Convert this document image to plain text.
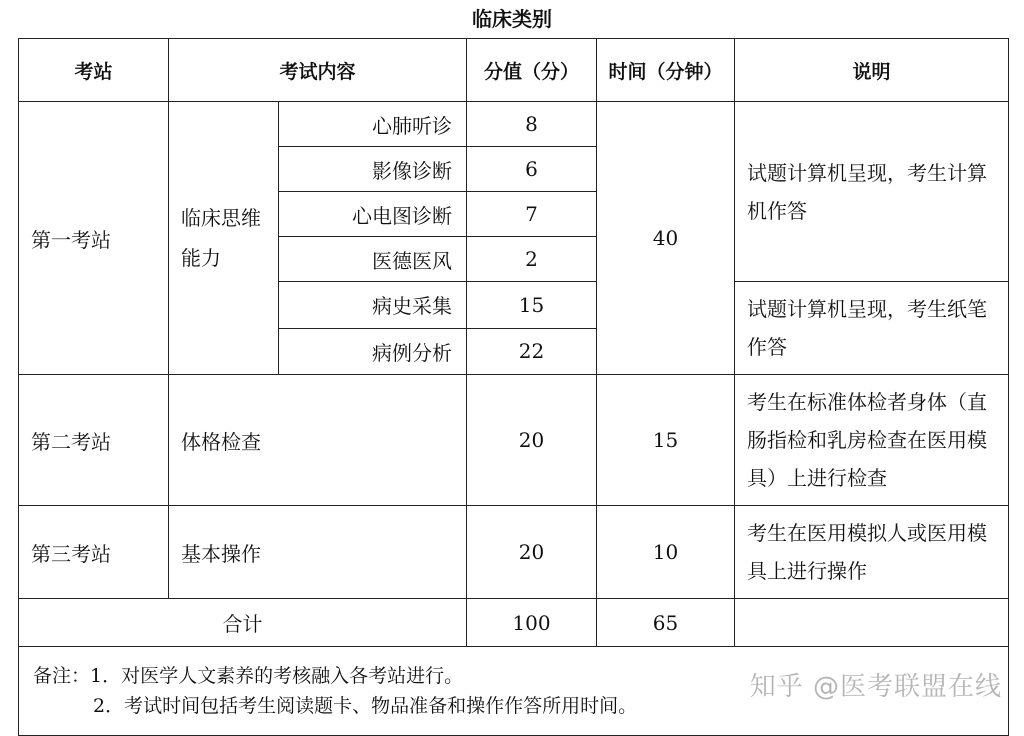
临床类别
考站	考试内容		分值（分）	时间（分钟）	说明
第一考站	临床思维能力	心肺听诊	8	40	试题计算机呈现，考生计算机作答
		影像诊断	6		
		心电图诊断	7		
		医德医风	2		
		病史采集	15		试题计算机呈现，考生纸笔作答
		病例分析	22		
第二考站	体格检查		20	15	考生在标准体检者身体（直肠指检和乳房检查在医用模具）上进行检查
第三考站	基本操作		20	10	考生在医用模拟人或医用模具上进行操作
合计			100	65	

备注：1．对医学人文素养的考核融入各考站进行。
2．考试时间包括考生阅读题卡、物品准备和操作作答所用时间。					
知乎 @医考联盟在线
